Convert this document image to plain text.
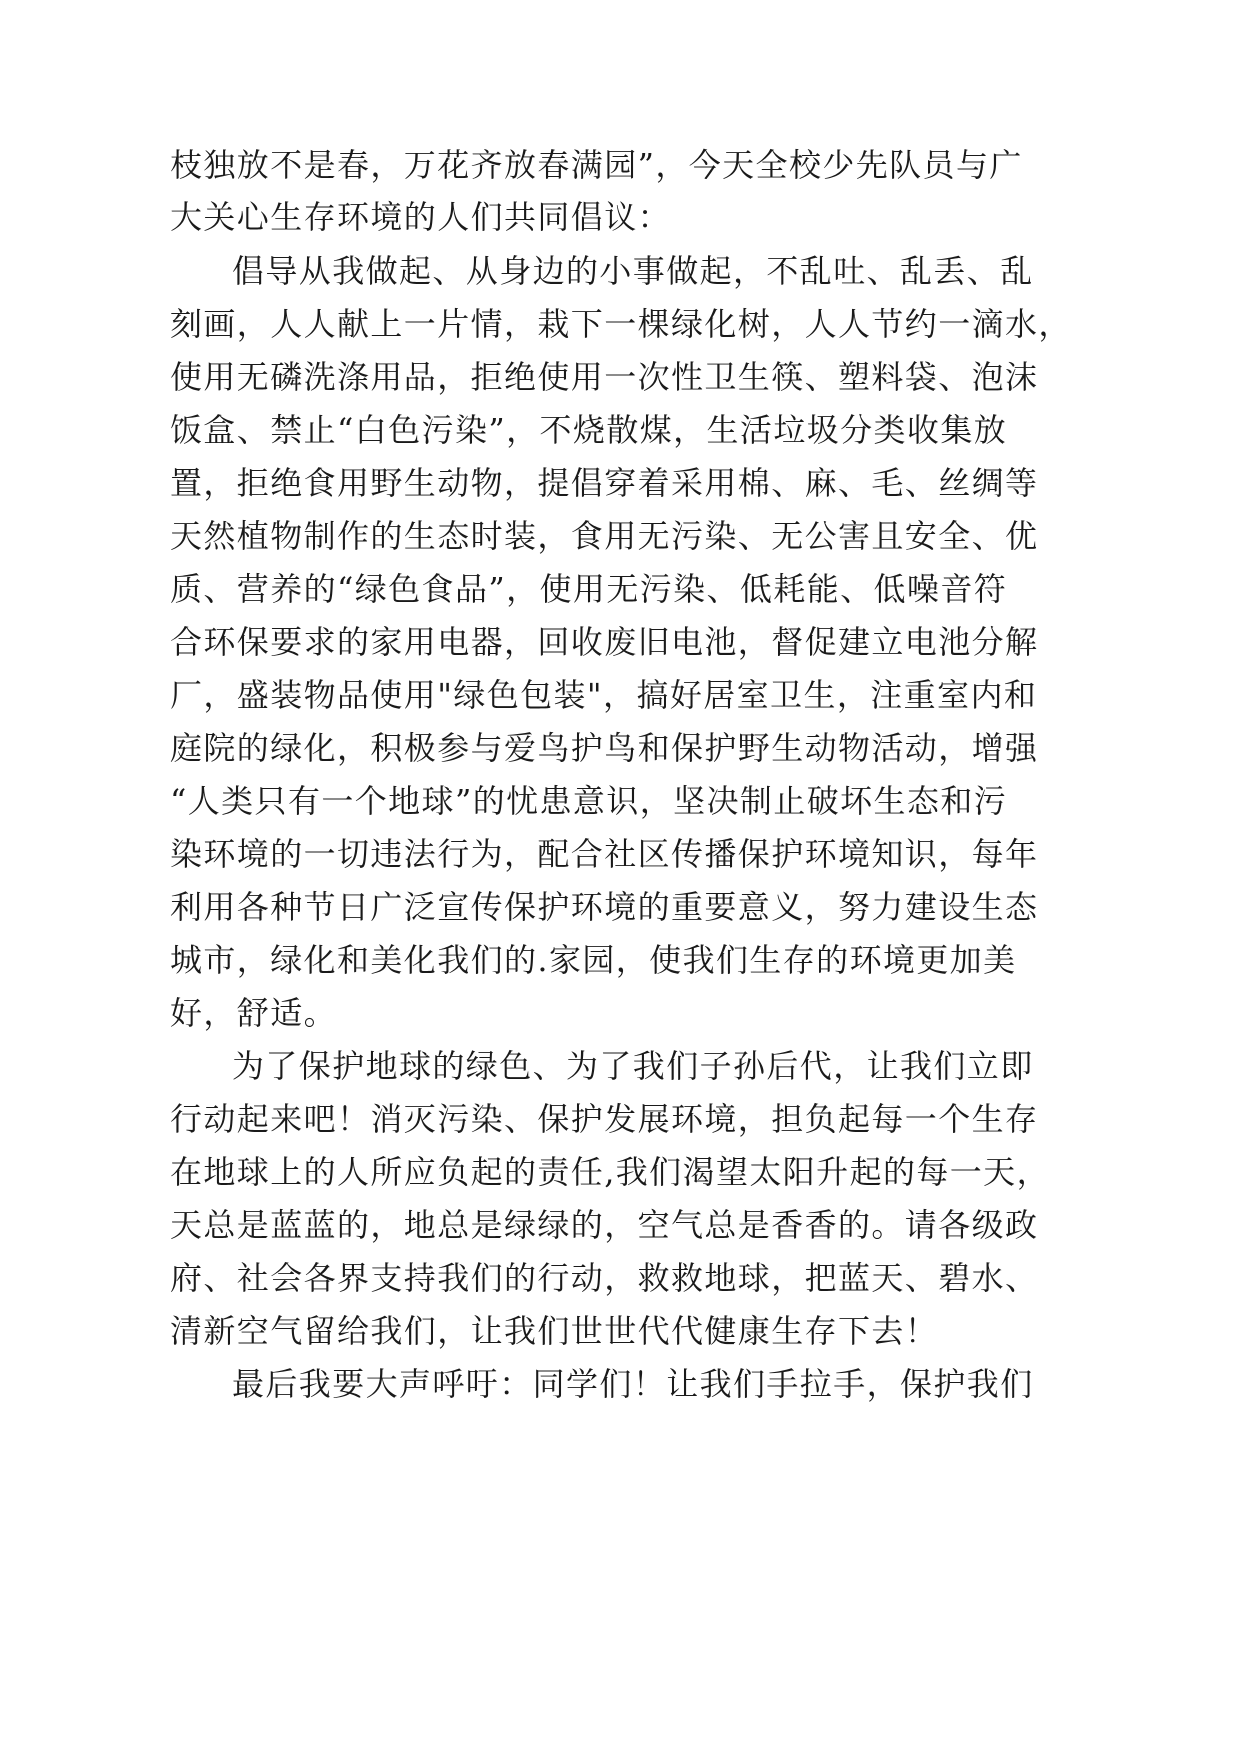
枝独放不是春，万花齐放春满园”，今天全校少先队员与广
大关心生存环境的人们共同倡议：
倡导从我做起、从身边的小事做起，不乱吐、乱丢、乱
刻画，人人献上一片情，栽下一棵绿化树，人人节约一滴水，
使用无磷洗涤用品，拒绝使用一次性卫生筷、塑料袋、泡沫
饭盒、禁止“白色污染”，不烧散煤，生活垃圾分类收集放
置，拒绝食用野生动物，提倡穿着采用棉、麻、毛、丝绸等
天然植物制作的生态时装，食用无污染、无公害且安全、优
质、营养的“绿色食品”，使用无污染、低耗能、低噪音符
合环保要求的家用电器，回收废旧电池，督促建立电池分解
厂，盛装物品使用"绿色包装"，搞好居室卫生，注重室内和
庭院的绿化，积极参与爱鸟护鸟和保护野生动物活动，增强
“人类只有一个地球”的忧患意识，坚决制止破坏生态和污
染环境的一切违法行为，配合社区传播保护环境知识，每年
利用各种节日广泛宣传保护环境的重要意义，努力建设生态
城市，绿化和美化我们的.家园，使我们生存的环境更加美
好，舒适。
为了保护地球的绿色、为了我们子孙后代，让我们立即
行动起来吧！消灭污染、保护发展环境，担负起每一个生存
在地球上的人所应负起的责任,我们渴望太阳升起的每一天，
天总是蓝蓝的，地总是绿绿的，空气总是香香的。请各级政
府、社会各界支持我们的行动，救救地球，把蓝天、碧水、
清新空气留给我们，让我们世世代代健康生存下去！
最后我要大声呼吁：同学们！让我们手拉手，保护我们
